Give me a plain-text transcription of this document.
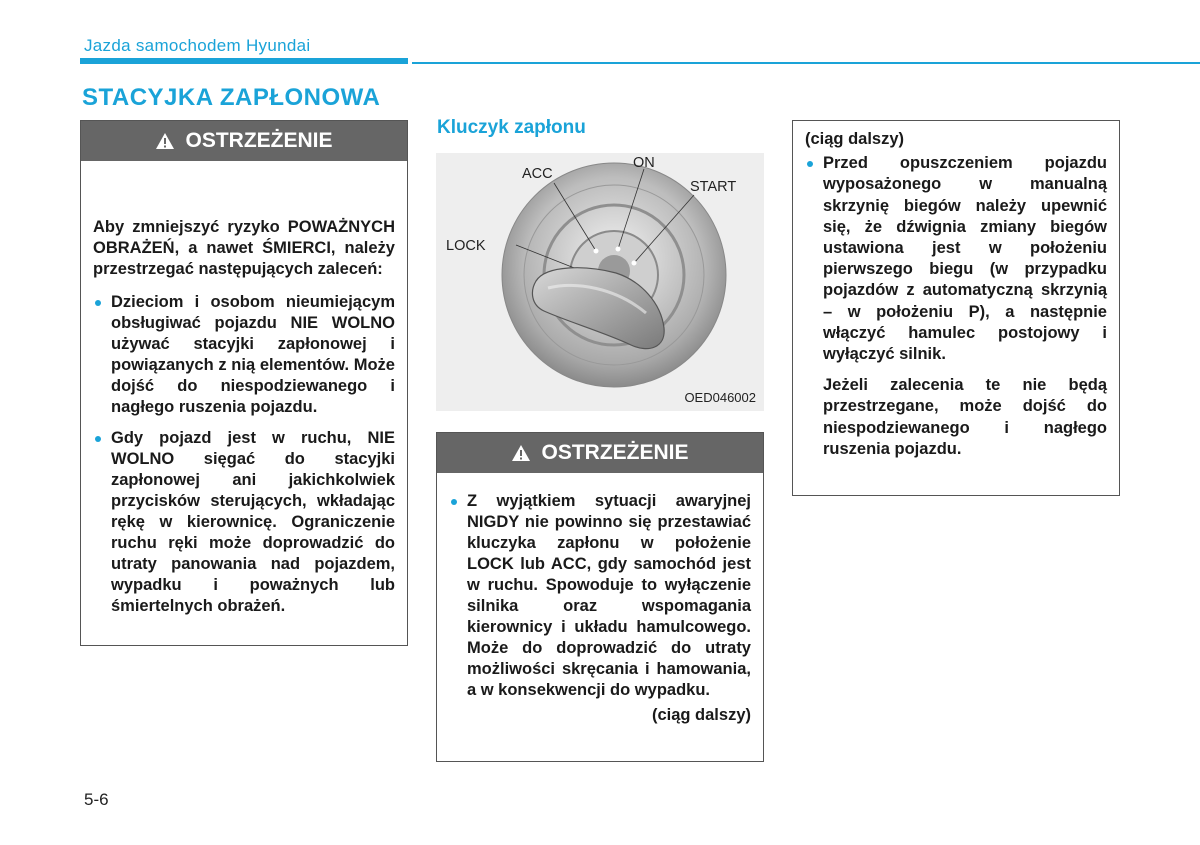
Jazda samochodem Hyundai
STACYJKA ZAPŁONOWA
OSTRZEŻENIE

Aby zmniejszyć ryzyko POWAŻNYCH OBRAŻEŃ, a nawet ŚMIERCI, należy przestrzegać następujących zaleceń:

Dzieciom i osobom nieumiejącym obsługiwać pojazdu NIE WOLNO używać stacyjki zapłonowej i powiązanych z nią elementów. Może dojść do niespodziewanego i nagłego ruszenia pojazdu.
Gdy pojazd jest w ruchu, NIE WOLNO sięgać do stacyjki zapłonowej ani jakichkolwiek przycisków sterujących, wkładając rękę w kierownicę. Ograniczenie ruchu ręki może doprowadzić do utraty panowania nad pojazdem, wypadku i poważnych lub śmiertelnych obrażeń.
Kluczyk zapłonu
ACC
ON
START
LOCK
OED046002
OSTRZEŻENIE
Z wyjątkiem sytuacji awaryjnej NIGDY nie powinno się przestawiać kluczyka zapłonu w położenie LOCK lub ACC, gdy samochód jest w ruchu. Spowoduje to wyłączenie silnika oraz wspomagania kierownicy i układu hamulcowego. Może do doprowadzić do utraty możliwości skręcania i hamowania, a w konsekwencji do wypadku.
(ciąg dalszy)
(ciąg dalszy)
Przed opuszczeniem pojazdu wyposażonego w manualną skrzynię biegów należy upewnić się, że dźwignia zmiany biegów ustawiona jest w położeniu pierwszego biegu (w przypadku pojazdów z automatyczną skrzynią – w położeniu P), a następnie włączyć hamulec postojowy i wyłączyć silnik.
Jeżeli zalecenia te nie będą przestrzegane, może dojść do niespodziewanego i nagłego ruszenia pojazdu.
5-6
